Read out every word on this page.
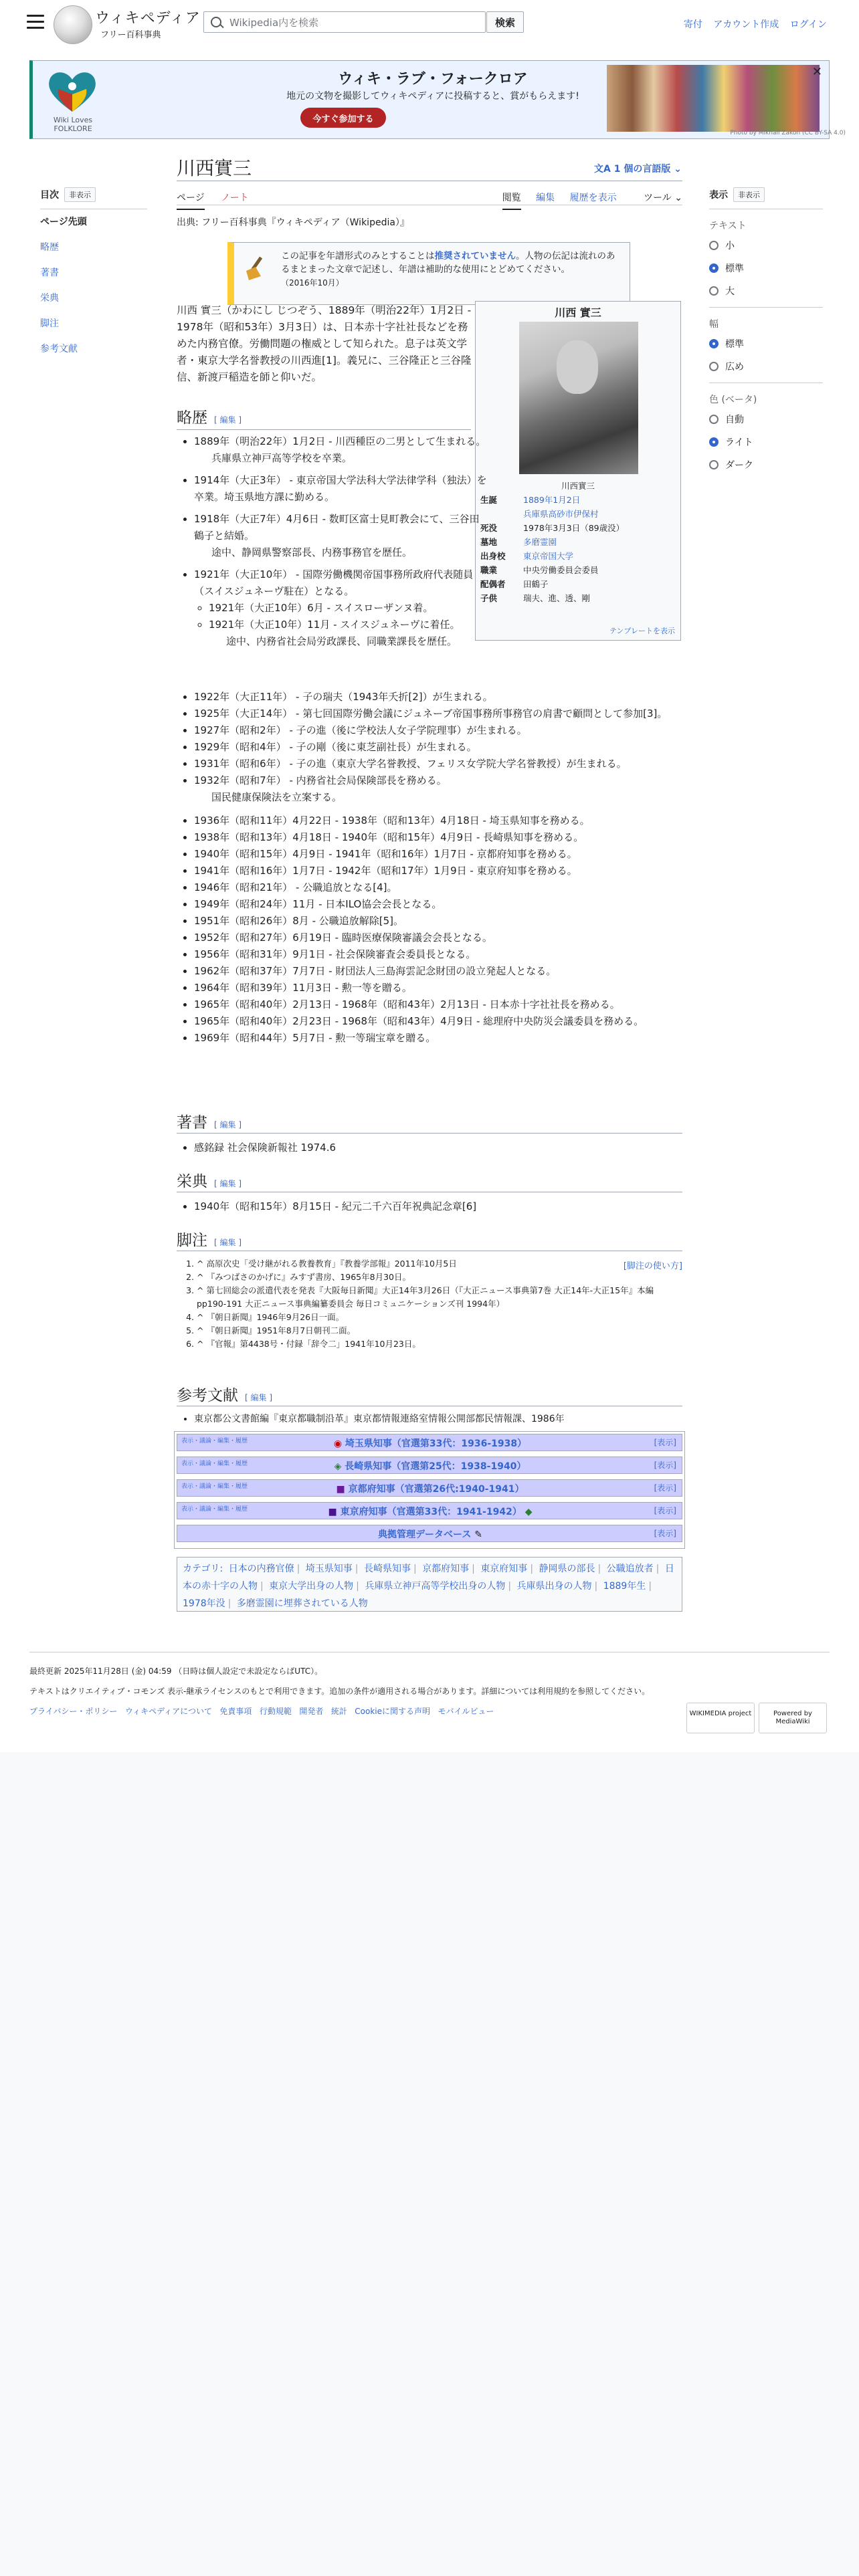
ウィキペディア
フリー百科事典
Wikipedia内を検索
検索	寄付 アカウント作成 ログイン
Wiki Loves FOLKLORE
ウィキ・ラブ・フォークロア
地元の文物を撮影してウィキペディアに投稿すると、賞がもらえます!
今すぐ参加する
✕
Photo by Mikhail Zakon (CC BY-SA 4.0)
目次	非表示
ページ先頭
略歴
著書
栄典
脚注
参考文献
川西實三	文A 1 個の言語版 ⌄
ページ ノート	閲覧 編集 履歴を表示	ツール ⌄
出典: フリー百科事典『ウィキペディア（Wikipedia）』
この記事を年譜形式のみとすることは推奨されていません。人物の伝記は流れのあるまとまった文章で記述し、年譜は補助的な使用にとどめてください。
（2016年10月）
川西 實三（かわにし じつぞう、1889年（明治22年）1月2日 - 1978年（昭和53年）3月3日）は、日本赤十字社社長などを務めた内務官僚。労働問題の権威として知られた。息子は英文学者・東京大学名誉教授の川西進[1]。義兄に、三谷隆正と三谷隆信、新渡戸稲造を師と仰いだ。
川西 實三
川西實三
生誕	1889年1月2日
	兵庫県高砂市伊保村
死没	1978年3月3日（89歳没）
墓地	多磨霊園
出身校	東京帝国大学
職業	中央労働委員会委員
配偶者	田鶴子
子供	瑞夫、進、透、剛
テンプレートを表示
略歴 [ 編集 ]
• 1889年（明治22年）1月2日 - 川西種臣の二男として生まれる。
兵庫県立神戸高等学校を卒業。
• 1914年（大正3年） - 東京帝国大学法科大学法律学科（独法）を卒業。埼玉県地方課に勤める。
• 1918年（大正7年）4月6日 - 数町区富士見町教会にて、三谷田鶴子と結婚。
途中、静岡県警察部長、内務事務官を歴任。
• 1921年（大正10年） - 国際労働機関帝国事務所政府代表随員（スイスジュネーヴ駐在）となる。
◦ 1921年（大正10年）6月 - スイスローザンヌ着。
◦ 1921年（大正10年）11月 - スイスジュネーヴに着任。
途中、内務省社会局労政課長、同職業課長を歴任。
• 1922年（大正11年） - 子の瑞夫（1943年夭折[2]）が生まれる。
• 1925年（大正14年） - 第七回国際労働会議にジュネーブ帝国事務所事務官の肩書で顧問として参加[3]。
• 1927年（昭和2年） - 子の進（後に学校法人女子学院理事）が生まれる。
• 1929年（昭和4年） - 子の剛（後に東芝副社長）が生まれる。
• 1931年（昭和6年） - 子の進（東京大学名誉教授、フェリス女学院大学名誉教授）が生まれる。
• 1932年（昭和7年） - 内務省社会局保険部長を務める。
国民健康保険法を立案する。
• 1936年（昭和11年）4月22日 - 1938年（昭和13年）4月18日 - 埼玉県知事を務める。
• 1938年（昭和13年）4月18日 - 1940年（昭和15年）4月9日 - 長崎県知事を務める。
• 1940年（昭和15年）4月9日 - 1941年（昭和16年）1月7日 - 京都府知事を務める。
• 1941年（昭和16年）1月7日 - 1942年（昭和17年）1月9日 - 東京府知事を務める。
• 1946年（昭和21年） - 公職追放となる[4]。
• 1949年（昭和24年）11月 - 日本ILO協会会長となる。
• 1951年（昭和26年）8月 - 公職追放解除[5]。
• 1952年（昭和27年）6月19日 - 臨時医療保険審議会会長となる。
• 1956年（昭和31年）9月1日 - 社会保険審査会委員長となる。
• 1962年（昭和37年）7月7日 - 財団法人三島海雲記念財団の設立発起人となる。
• 1964年（昭和39年）11月3日 - 勲一等を贈る。
• 1965年（昭和40年）2月13日 - 1968年（昭和43年）2月13日 - 日本赤十字社社長を務める。
• 1965年（昭和40年）2月23日 - 1968年（昭和43年）4月9日 - 総理府中央防災会議委員を務める。
• 1969年（昭和44年）5月7日 - 勲一等瑞宝章を贈る。
著書 [ 編集 ]
• 感銘録 社会保険新報社 1974.6
栄典 [ 編集 ]
• 1940年（昭和15年）8月15日 - 紀元二千六百年祝典記念章[6]
脚注 [ 編集 ]
[脚注の使い方]
1. ^ 高原次史「受け継がれる教養教育」『教養学部報』2011年10月5日
2. ^ 『みつばさのかげに』みすず書房、1965年8月30日。
3. ^ 第七回総会の派遣代表を発表『大阪毎日新聞』大正14年3月26日（『大正ニュース事典第7巻 大正14年-大正15年』本編pp190-191 大正ニュース事典編纂委員会 毎日コミュニケーションズ刊 1994年）
4. ^ 『朝日新聞』1946年9月26日一面。
5. ^ 『朝日新聞』1951年8月7日朝刊二面。
6. ^ 『官報』第4438号・付録「辞令二」1941年10月23日。
参考文献 [ 編集 ]
• 東京都公文書館編『東京都職制沿革』東京都情報連絡室情報公開部都民情報課、1986年
表示・議論・編集・履歴	◉ 埼玉県知事（官選第33代：1936-1938）	[表示]
表示・議論・編集・履歴	◈ 長崎県知事（官選第25代：1938-1940）	[表示]
表示・議論・編集・履歴	■ 京都府知事（官選第26代:1940-1941）	[表示]
表示・議論・編集・履歴	■ 東京府知事（官選第33代：1941-1942） ◆	[表示]
典拠管理データベース ✎	[表示]
カテゴリ: 日本の内務官僚 | 埼玉県知事 | 長崎県知事 | 京都府知事 | 東京府知事 | 静岡県の部長 | 公職追放者 | 日本の赤十字の人物 | 東京大学出身の人物 | 兵庫県立神戸高等学校出身の人物 | 兵庫県出身の人物 | 1889年生 | 1978年没 | 多磨霊園に埋葬されている人物
表示	非表示
テキスト
小
標準
大
幅
標準
広め
色 (ベータ)
自動
ライト
ダーク
最終更新 2025年11月28日 (金) 04:59 （日時は個人設定で未設定ならばUTC）。
テキストはクリエイティブ・コモンズ 表示-継承ライセンスのもとで利用できます。追加の条件が適用される場合があります。詳細については利用規約を参照してください。
プライバシー・ポリシー ウィキペディアについて 免責事項 行動規範 開発者 統計 Cookieに関する声明 モバイルビュー	WIKIMEDIA project	Powered by MediaWiki
